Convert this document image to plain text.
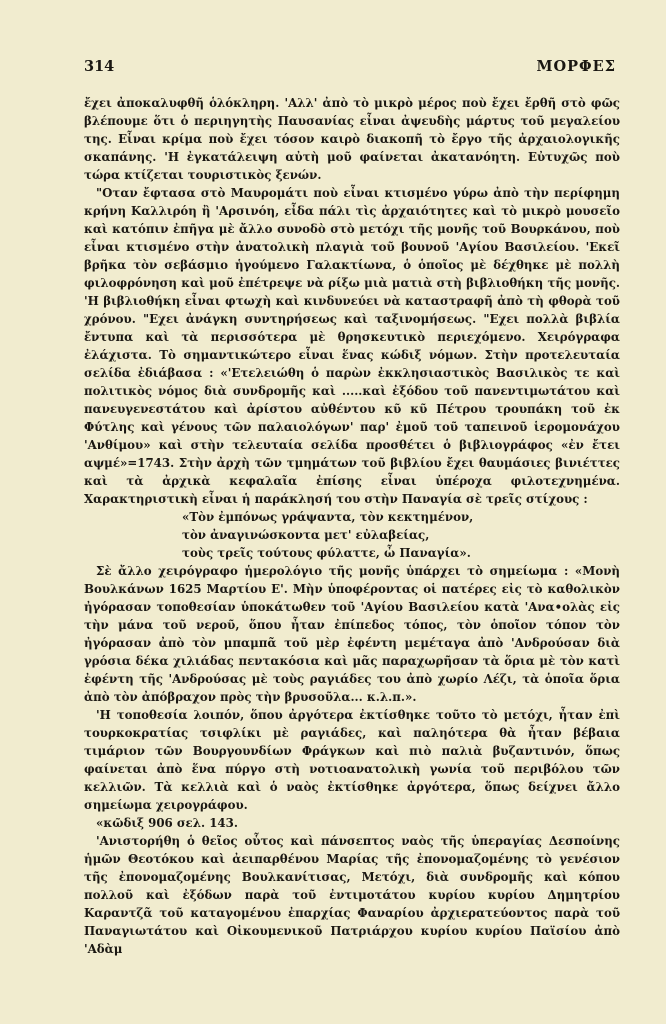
314	ΜΟΡΦΕΣ

ἔχει ἀποκαλυφθῆ ὁλόκληρη. 'Αλλ' ἀπὸ τὸ μικρὸ μέρος ποὺ ἔχει ἔρθῆ στὸ φῶς βλέπουμε ὅτι ὁ περιηγητὴς Παυσανίας εἶναι ἀψευδὴς μάρτυς τοῦ μεγαλείου της. Εἶναι κρίμα ποὺ ἔχει τόσον καιρὸ διακοπῆ τὸ ἔργο τῆς ἀρχαιολογικῆς σκαπάνης. 'Η ἐγκατάλειψη αὐτὴ μοῦ φαίνεται ἀκατανόητη. Εὐτυχῶς ποὺ τώρα κτίζεται τουριστικὸς ξενών.

"Οταν ἔφτασα στὸ Μαυρομάτι ποὺ εἶναι κτισμένο γύρω ἀπὸ τὴν περίφημη κρήνη Καλλιρόη ἢ 'Αρσινόη, εἶδα πάλι τὶς ἀρχαιότητες καὶ τὸ μικρὸ μουσεῖο καὶ κατόπιν ἐπῆγα μὲ ἄλλο συνοδὸ στὸ μετόχι τῆς μονῆς τοῦ Βουρκάνου, ποὺ εἶναι κτισμένο στὴν ἀνατολικὴ πλαγιὰ τοῦ βουνοῦ 'Αγίου Βασιλείου. 'Εκεῖ βρῆκα τὸν σεβάσμιο ἡγούμενο Γαλακτίωνα, ὁ ὁποῖος μὲ δέχθηκε μὲ πολλὴ φιλοφρόνηση καὶ μοῦ ἐπέτρεψε νὰ ρίξω μιὰ ματιὰ στὴ βιβλιοθήκη τῆς μονῆς. 'Η βιβλιοθήκη εἶναι φτωχὴ καὶ κινδυνεύει νὰ καταστραφῆ ἀπὸ τὴ φθορὰ τοῦ χρόνου. "Εχει ἀνάγκη συντηρήσεως καὶ ταξινομήσεως. "Εχει πολλὰ βιβλία ἔντυπα καὶ τὰ περισσότερα μὲ θρησκευτικὸ περιεχόμενο. Χειρόγραφα ἐλάχιστα. Τὸ σημαντικώτερο εἶναι ἕνας κώδιξ νόμων. Στὴν προτελευταία σελίδα ἐδιάβασα : «'Ετελειώθη ὁ παρὼν ἐκκλησιαστικὸς Βασιλικὸς τε καὶ πολιτικὸς νόμος διὰ συνδρομῆς καὶ .....καὶ ἐξόδου τοῦ πανεντιμωτάτου καὶ πανευγενεστάτου καὶ ἀρίστου αὐθέντου κῦ κῦ Πέτρου τρουπάκη τοῦ ἐκ Φύτλης καὶ γένους τῶν παλαιολόγων' παρ' ἐμοῦ τοῦ ταπεινοῦ ἱερομονάχου 'Ανθίμου» καὶ στὴν τελευταία σελίδα προσθέτει ὁ βιβλιογράφος «ἐν ἔτει αψμέ»=1743. Στὴν ἀρχὴ τῶν τμημάτων τοῦ βιβλίου ἔχει θαυμάσιες βινιέττες καὶ τὰ ἀρχικὰ κεφαλαῖα ἐπίσης εἶναι ὑπέροχα φιλοτεχνημένα. Χαρακτηριστικὴ εἶναι ἡ παράκλησή του στὴν Παναγία σὲ τρεῖς στίχους :

«Τὸν ἐμπόνως γράψαντα, τὸν κεκτημένον,
τὸν ἀναγινώσκοντα μετ' εὐλαβείας,
τοὺς τρεῖς τούτους φύλαττε, ὦ Παναγία».

Σὲ ἄλλο χειρόγραφο ἡμερολόγιο τῆς μονῆς ὑπάρχει τὸ σημείωμα : «Μονὴ Βουλκάνων 1625 Μαρτίου Ε'. Μὴν ὑποφέροντας οἱ πατέρες εἰς τὸ καθολικὸν ἠγόρασαν τοποθεσίαν ὑποκάτωθεν τοῦ 'Αγίου Βασιλείου κατὰ 'Ανα•ολὰς εἰς τὴν μάνα τοῦ νεροῦ, ὅπου ἦταν ἐπίπεδος τόπος, τὸν ὁποῖον τόπον τὸν ἠγόρασαν ἀπὸ τὸν μπαμπᾶ τοῦ μὲρ ἐφέντη μεμέταγα ἀπὸ 'Ανδρούσαν διὰ γρόσια δέκα χιλιάδας πεντακόσια καὶ μᾶς παραχωρῆσαν τὰ ὅρια μὲ τὸν κατὶ ἐφέντη τῆς 'Ανδρούσας μὲ τοὺς ραγιάδες του ἀπὸ χωρίο Λέζι, τὰ ὁποῖα ὅρια ἀπὸ τὸν ἀπόβραχον πρὸς τὴν βρυσοῦλα... κ.λ.π.».

'Η τοποθεσία λοιπόν, ὅπου ἀργότερα ἐκτίσθηκε τοῦτο τὸ μετόχι, ἦταν ἐπὶ τουρκοκρατίας τσιφλίκι μὲ ραγιάδες, καὶ παληότερα θὰ ἦταν βέβαια τιμάριον τῶν Βουργουνδίων Φράγκων καὶ πιὸ παλιὰ βυζαντινόν, ὅπως φαίνεται ἀπὸ ἕνα πύργο στὴ νοτιοανατολικὴ γωνία τοῦ περιβόλου τῶν κελλιῶν. Τὰ κελλιὰ καὶ ὁ ναὸς ἐκτίσθηκε ἀργότερα, ὅπως δείχνει ἄλλο σημείωμα χειρογράφου.

«κῶδιξ 906 σελ. 143.

'Ανιστορήθη ὁ θεῖος οὗτος καὶ πάνσεπτος ναὸς τῆς ὑπεραγίας Δεσποίνης ἡμῶν Θεοτόκου καὶ ἀειπαρθένου Μαρίας τῆς ἐπονομαζομένης τὸ γενέσιον τῆς ἐπονομαζομένης Βουλκανίτισας, Μετόχι, διὰ συνδρομῆς καὶ κόπου πολλοῦ καὶ ἐξόδων παρὰ τοῦ ἐντιμοτάτου κυρίου κυρίου Δημητρίου Καραντζᾶ τοῦ καταγομένου ἐπαρχίας Φαναρίου ἀρχιερατεύοντος παρὰ τοῦ Παναγιωτάτου καὶ Οἰκουμενικοῦ Πατριάρχου κυρίου κυρίου Παϊσίου ἀπὸ 'Αδὰμ
